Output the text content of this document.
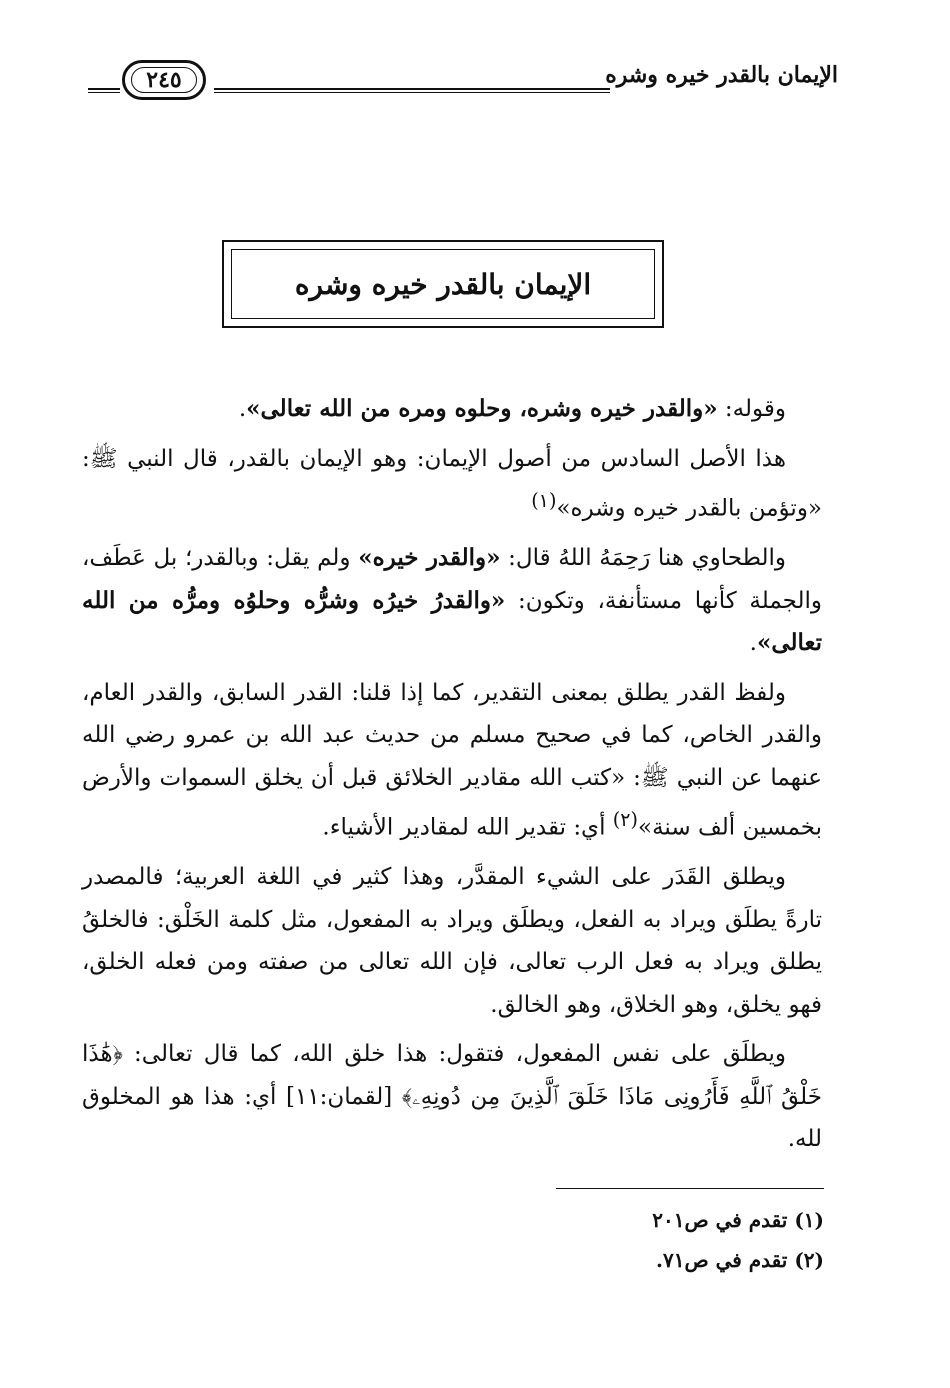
الإيمان بالقدر خيره وشره
٢٤٥
الإيمان بالقدر خيره وشره

وقوله: «والقدر خيره وشره، وحلوه ومره من الله تعالى».

هذا الأصل السادس من أصول الإيمان: وهو الإيمان بالقدر، قال النبي ﷺ: «وتؤمن بالقدر خيره وشره»$^{(١)}$

والطحاوي هنا رَحِمَهُ اللهُ قال: «والقدر خيره» ولم يقل: وبالقدر؛ بل عَطَف، والجملة كأنها مستأنفة، وتكون: «والقدرُ خيرُه وشرُّه وحلوُه ومرُّه من الله تعالى».

ولفظ القدر يطلق بمعنى التقدير، كما إذا قلنا: القدر السابق، والقدر العام، والقدر الخاص، كما في صحيح مسلم من حديث عبد الله بن عمرو رضي الله عنهما عن النبي ﷺ: «كتب الله مقادير الخلائق قبل أن يخلق السموات والأرض بخمسين ألف سنة»$^{(٢)}$ أي: تقدير الله لمقادير الأشياء.

ويطلق القَدَر على الشيء المقدَّر، وهذا كثير في اللغة العربية؛ فالمصدر تارةً يطلَق ويراد به الفعل، ويطلَق ويراد به المفعول، مثل كلمة الخَلْق: فالخلقُ يطلق ويراد به فعل الرب تعالى، فإن الله تعالى من صفته ومن فعله الخلق، فهو يخلق، وهو الخلاق، وهو الخالق.

ويطلَق على نفس المفعول، فتقول: هذا خلق الله، كما قال تعالى: ﴿هَٰذَا خَلْقُ ٱللَّهِ فَأَرُونِى مَاذَا خَلَقَ ٱلَّذِينَ مِن دُونِهِۦ﴾ [لقمان:١١] أي: هذا هو المخلوق لله.

(١) تقدم في ص٢٠١
(٢) تقدم في ص٧١.
